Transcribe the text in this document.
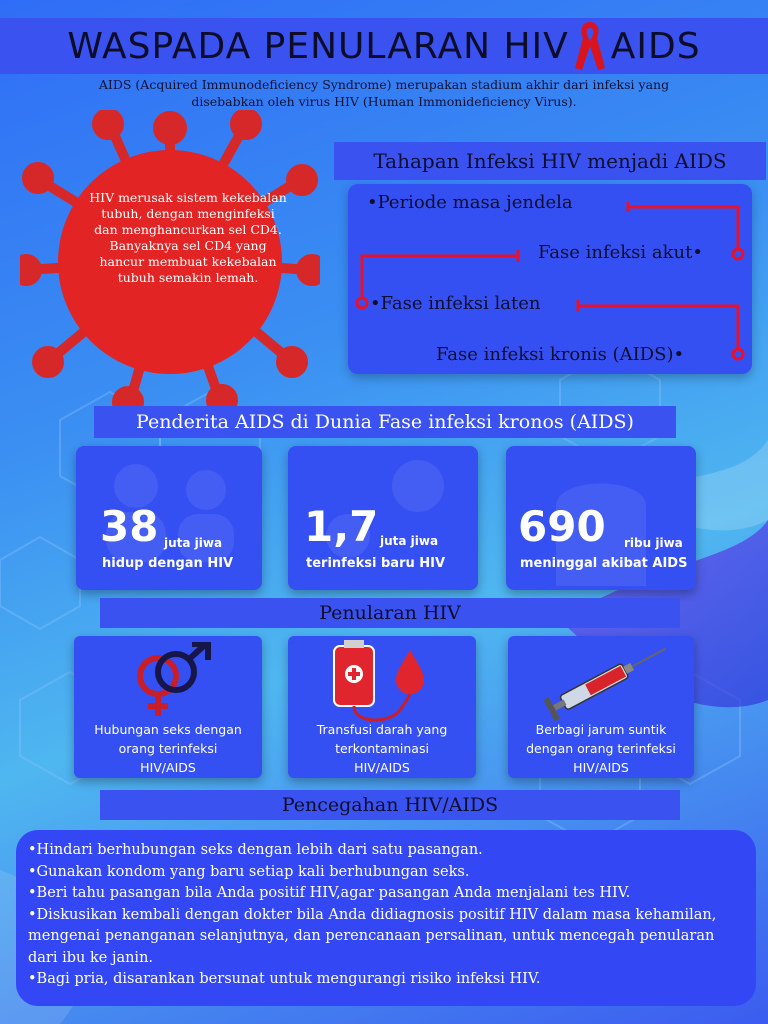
WASPADA PENULARAN HIV AIDS
AIDS (Acquired Immunodeficiency Syndrome) merupakan stadium akhir dari infeksi yang
disebabkan oleh virus HIV (Human Immonideficiency Virus).
HIV merusak sistem kekebalan tubuh, dengan menginfeksi dan menghancurkan sel CD4. Banyaknya sel CD4 yang hancur membuat kekebalan tubuh semakin lemah.
Tahapan Infeksi HIV menjadi AIDS
•Periode masa jendela
Fase infeksi akut•
•Fase infeksi laten
Fase infeksi kronis (AIDS)•
Penderita AIDS di Dunia Fase infeksi kronos (AIDS)
38 juta jiwa
hidup dengan HIV
1,7 juta jiwa
terinfeksi baru HIV
690 ribu jiwa
meninggal akibat AIDS
Penularan HIV
Hubungan seks dengan
orang terinfeksi
HIV/AIDS
Transfusi darah yang
terkontaminasi
HIV/AIDS
Berbagi jarum suntik
dengan orang terinfeksi
HIV/AIDS
Pencegahan HIV/AIDS
•Hindari berhubungan seks dengan lebih dari satu pasangan.
•Gunakan kondom yang baru setiap kali berhubungan seks.
•Beri tahu pasangan bila Anda positif HIV,agar pasangan Anda menjalani tes HIV.
•Diskusikan kembali dengan dokter bila Anda didiagnosis positif HIV dalam masa kehamilan, mengenai penanganan selanjutnya, dan perencanaan persalinan, untuk mencegah penularan dari ibu ke janin.
•Bagi pria, disarankan bersunat untuk mengurangi risiko infeksi HIV.
